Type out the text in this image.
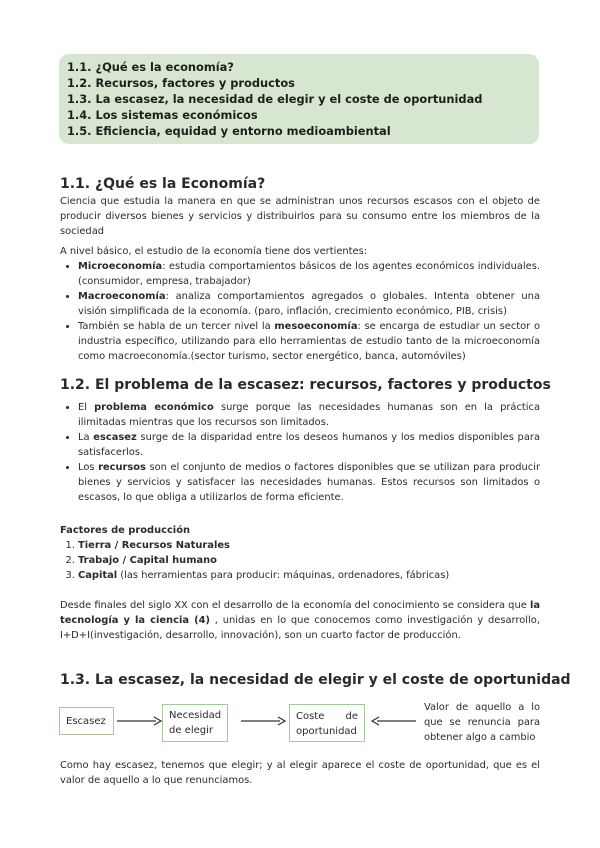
1.1. ¿Qué es la economía?
1.2. Recursos, factores y productos
1.3. La escasez, la necesidad de elegir y el coste de oportunidad
1.4. Los sistemas económicos
1.5. Eficiencia, equidad y entorno medioambiental
1.1. ¿Qué es la Economía?
Ciencia que estudia la manera en que se administran unos recursos escasos con el objeto de producir diversos bienes y servicios y distribuirlos para su consumo entre los miembros de la sociedad
A nivel básico, el estudio de la economía tiene dos vertientes:
• Microeconomía: estudia comportamientos básicos de los agentes económicos individuales. (consumidor, empresa, trabajador)
• Macroeconomía: analiza comportamientos agregados o globales. Intenta obtener una visión simplificada de la economía. (paro, inflación, crecimiento económico, PIB, crisis)
• También se habla de un tercer nivel la mesoeconomía: se encarga de estudiar un sector o industria específico, utilizando para ello herramientas de estudio tanto de la microeconomía como macroeconomía.(sector turismo, sector energético, banca, automóviles)
1.2. El problema de la escasez: recursos, factores y productos
• El problema económico surge porque las necesidades humanas son en la práctica ilimitadas mientras que los recursos son limitados.
• La escasez surge de la disparidad entre los deseos humanos y los medios disponibles para satisfacerlos.
• Los recursos son el conjunto de medios o factores disponibles que se utilizan para producir bienes y servicios y satisfacer las necesidades humanas. Estos recursos son limitados o escasos, lo que obliga a utilizarlos de forma eficiente.
Factores de producción
1. Tierra / Recursos Naturales
2. Trabajo / Capital humano
3. Capital (las herramientas para producir: máquinas, ordenadores, fábricas)
Desde finales del siglo XX con el desarrollo de la economía del conocimiento se considera que la tecnología y la ciencia (4) , unidas en lo que conocemos como investigación y desarrollo, I+D+I(investigación, desarrollo, innovación), son un cuarto factor de producción.
1.3. La escasez, la necesidad de elegir y el coste de oportunidad
Escasez
Necesidad de elegir
Coste de oportunidad
Valor de aquello a lo que se renuncia para obtener algo a cambio
Como hay escasez, tenemos que elegir; y al elegir aparece el coste de oportunidad, que es el valor de aquello a lo que renunciamos.
